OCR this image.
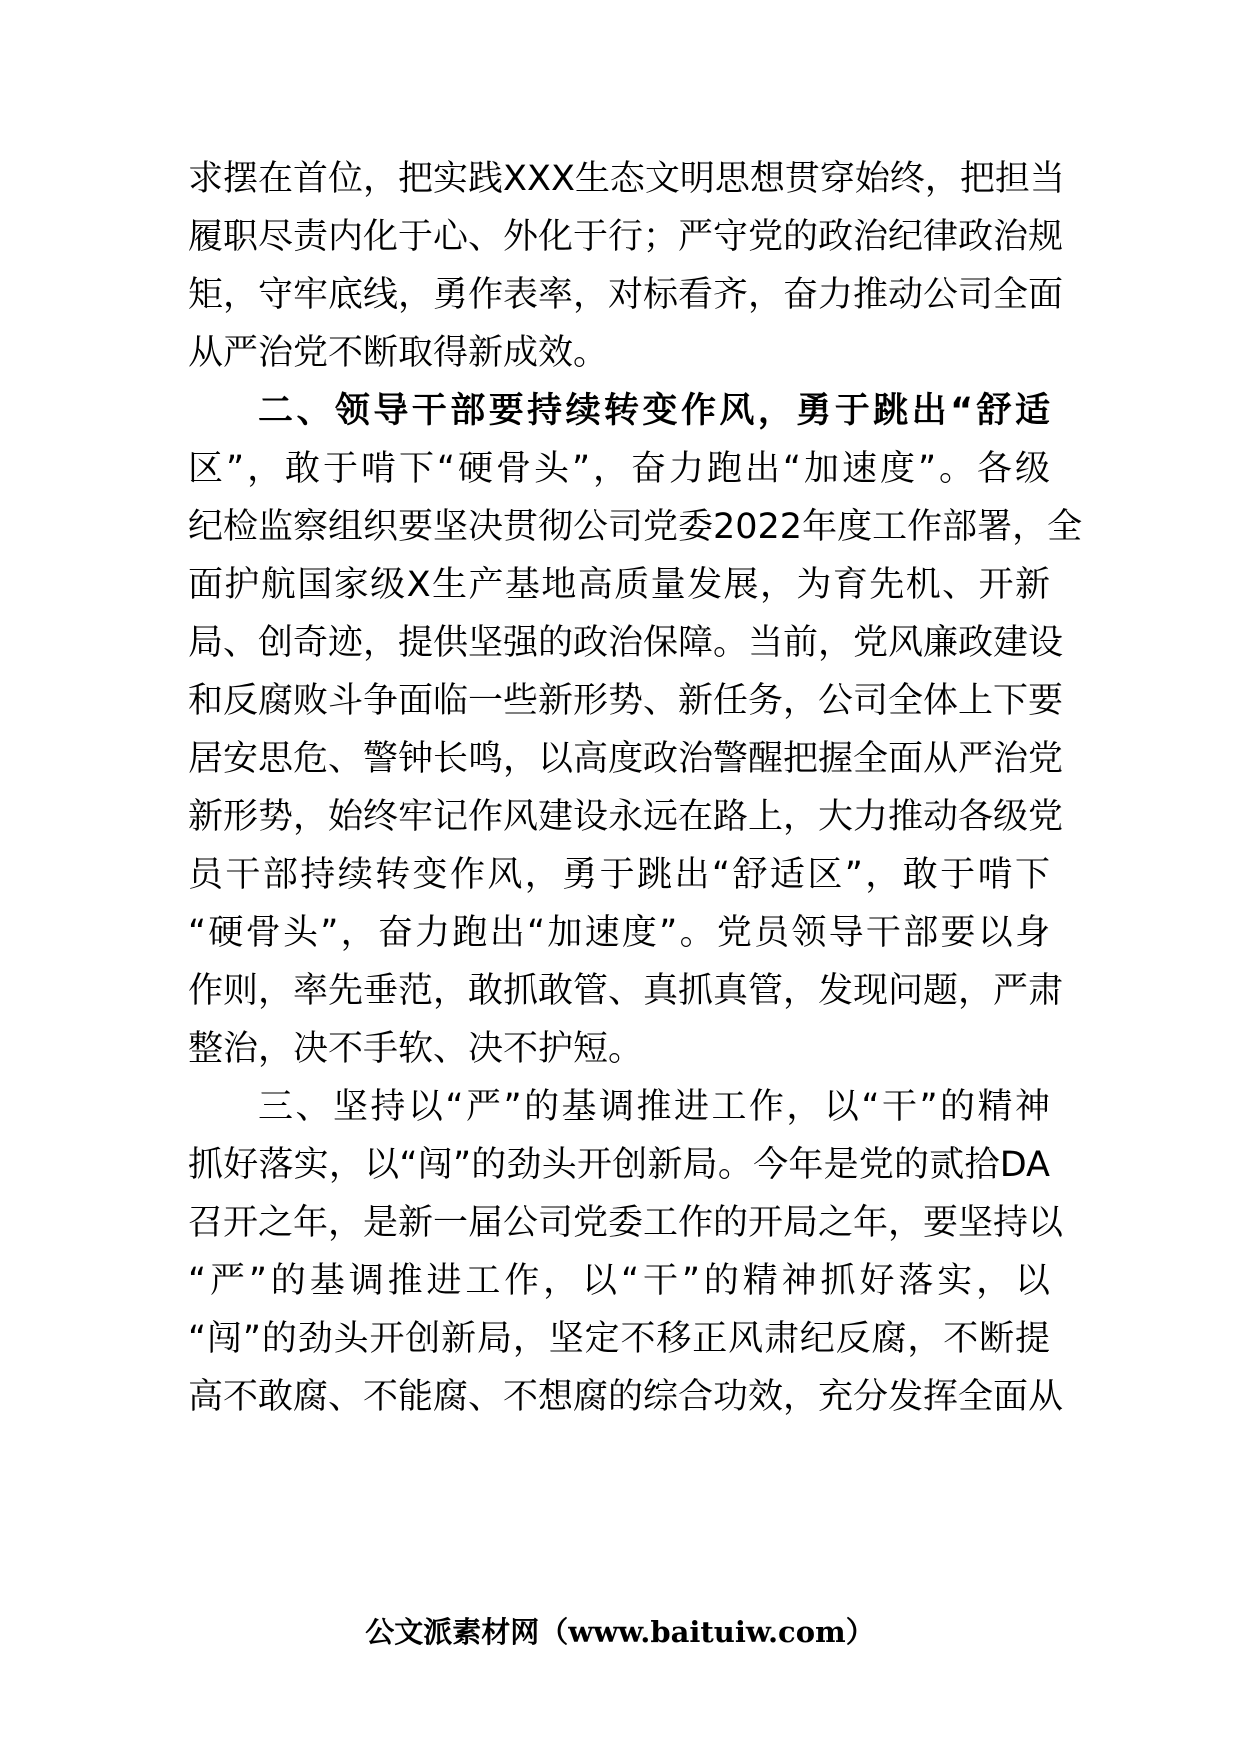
求摆在首位，把实践XXX生态文明思想贯穿始终，把担当
履职尽责内化于心、外化于行；严守党的政治纪律政治规
矩，守牢底线，勇作表率，对标看齐，奋力推动公司全面
从严治党不断取得新成效。
二、领导干部要持续转变作风，勇于跳出“舒适
区”，敢于啃下“硬骨头”，奋力跑出“加速度”。各级
纪检监察组织要坚决贯彻公司党委2022年度工作部署，全
面护航国家级X生产基地高质量发展，为育先机、开新
局、创奇迹，提供坚强的政治保障。当前，党风廉政建设
和反腐败斗争面临一些新形势、新任务，公司全体上下要
居安思危、警钟长鸣，以高度政治警醒把握全面从严治党
新形势，始终牢记作风建设永远在路上，大力推动各级党
员干部持续转变作风，勇于跳出“舒适区”，敢于啃下
“硬骨头”，奋力跑出“加速度”。党员领导干部要以身
作则，率先垂范，敢抓敢管、真抓真管，发现问题，严肃
整治，决不手软、决不护短。
三、坚持以“严”的基调推进工作，以“干”的精神
抓好落实，以“闯”的劲头开创新局。今年是党的贰拾DA
召开之年，是新一届公司党委工作的开局之年，要坚持以
“严”的基调推进工作，以“干”的精神抓好落实，以
“闯”的劲头开创新局，坚定不移正风肃纪反腐，不断提
高不敢腐、不能腐、不想腐的综合功效，充分发挥全面从
公文派素材网（www.baituiw.com）
